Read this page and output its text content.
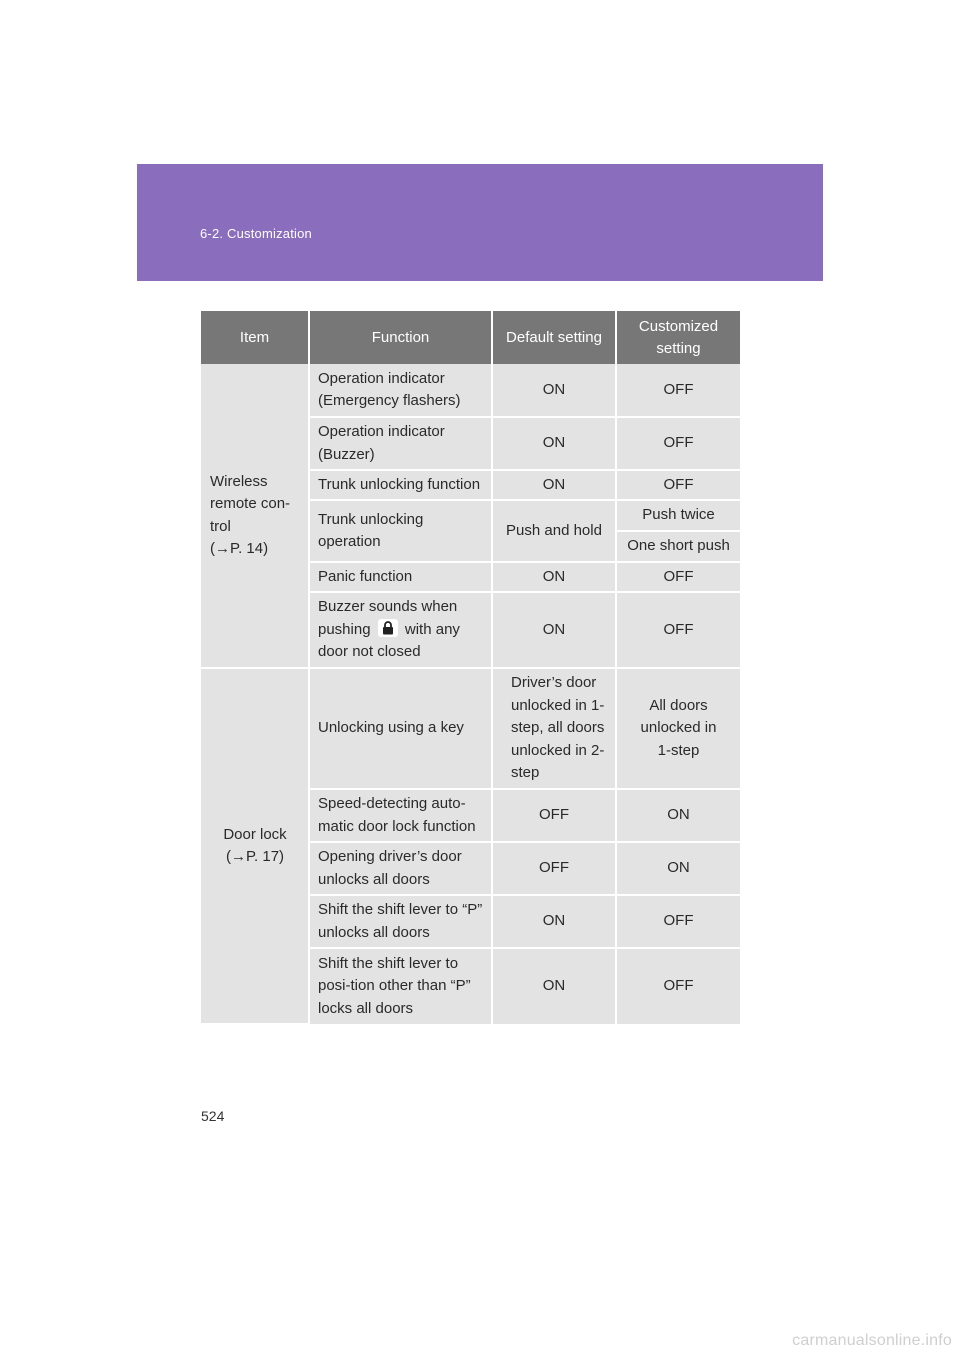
6-2. Customization
Item	Function	Default setting	Customized setting

Wireless
remote con-
trol
(→P. 14)	Operation indicator (Emergency flashers)	ON	OFF
	Operation indicator (Buzzer)	ON	OFF
	Trunk unlocking function	ON	OFF
	Trunk unlocking operation	Push and hold	Push twice
			One short push
	Panic function	ON	OFF
	Buzzer sounds when pushing with any door not closed	ON	OFF

Door lock
(→P. 17)	Unlocking using a key	Driver’s door unlocked in 1-step, all doors unlocked in 2-step	All doors unlocked in 1-step
	Speed-detecting auto-matic door lock function	OFF	ON
	Opening driver’s door unlocks all doors	OFF	ON
	Shift the shift lever to “P” unlocks all doors	ON	OFF
	Shift the shift lever to posi-tion other than “P” locks all doors	ON	OFF
524
carmanualsonline.info
